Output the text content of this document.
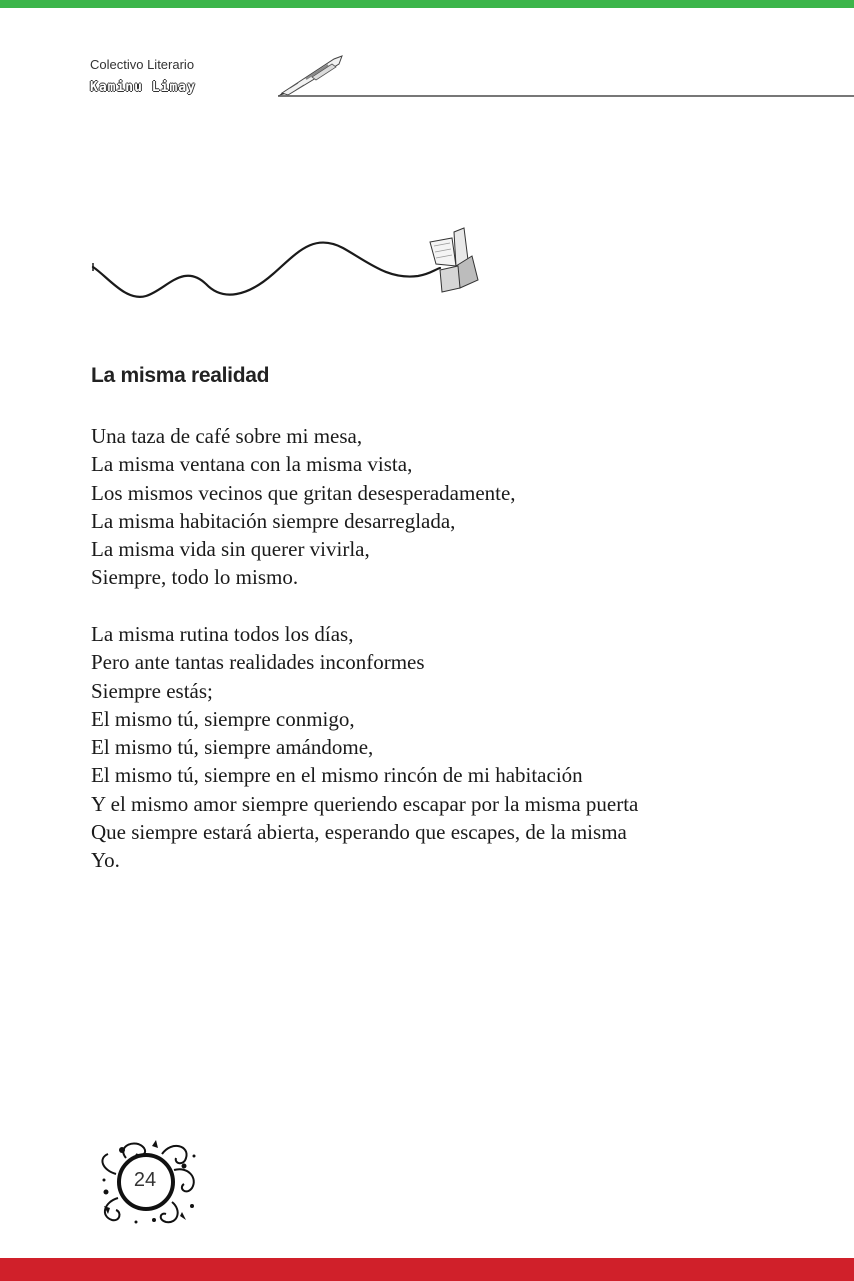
Colectivo Literario
Kaminu Limay
La misma realidad
Una taza de café sobre mi mesa,
La misma ventana con la misma vista,
Los mismos vecinos que gritan desesperadamente,
La misma habitación siempre desarreglada,
La misma vida sin querer vivirla,
Siempre, todo lo mismo.
La misma rutina todos los días,
Pero ante tantas realidades inconformes
Siempre estás;
El mismo tú, siempre conmigo,
El mismo tú, siempre amándome,
El mismo tú, siempre en el mismo rincón de mi habitación
Y el mismo amor siempre queriendo escapar por la misma puerta
Que siempre estará abierta, esperando que escapes, de la misma
Yo.
24
